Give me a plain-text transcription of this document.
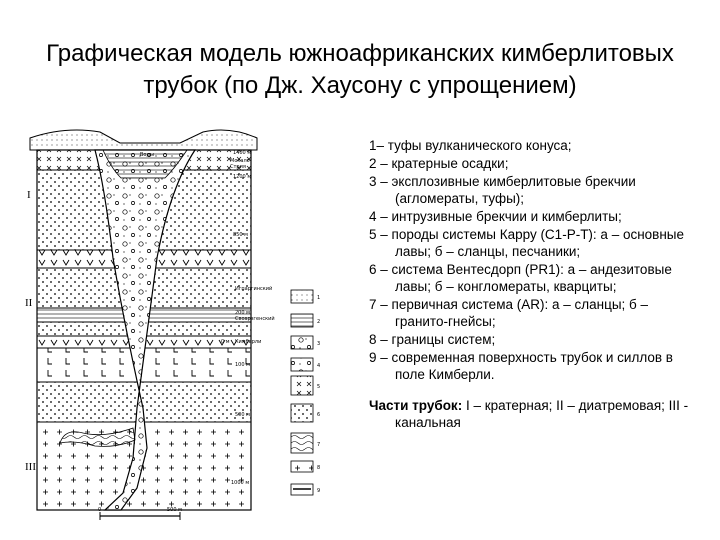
Графическая модель южноафриканских кимберлитовых
трубок (по Дж. Хаусону с упрощением)
I
II
III
Воды
Мокало
Стрия
Игпаргинский
Своарзгенский
Кимберли
1400 м
1200 м
850 м
200 м
0 м
100 м
500 м
1000 м
0	500 м
1
2
3
4
5
6
7
8
9
1– туфы вулканического конуса;
2 – кратерные осадки;
3 – эксплозивные кимберлитовые брекчии (агломераты, туфы);
4 – интрузивные брекчии и кимберлиты;
5 – породы системы Карру (С1-Р-Т): а – основные лавы; б – сланцы, песчаники;
6 – система Вентесдорп (PR1): а – андезитовые лавы; б – конгломераты, кварциты;
7 – первичная система (AR): а – сланцы; б – гранито-гнейсы;
8 – границы систем;
9 – современная поверхность трубок и силлов в поле Кимберли.
Части трубок: I – кратерная; II – диатремовая; III - канальная
